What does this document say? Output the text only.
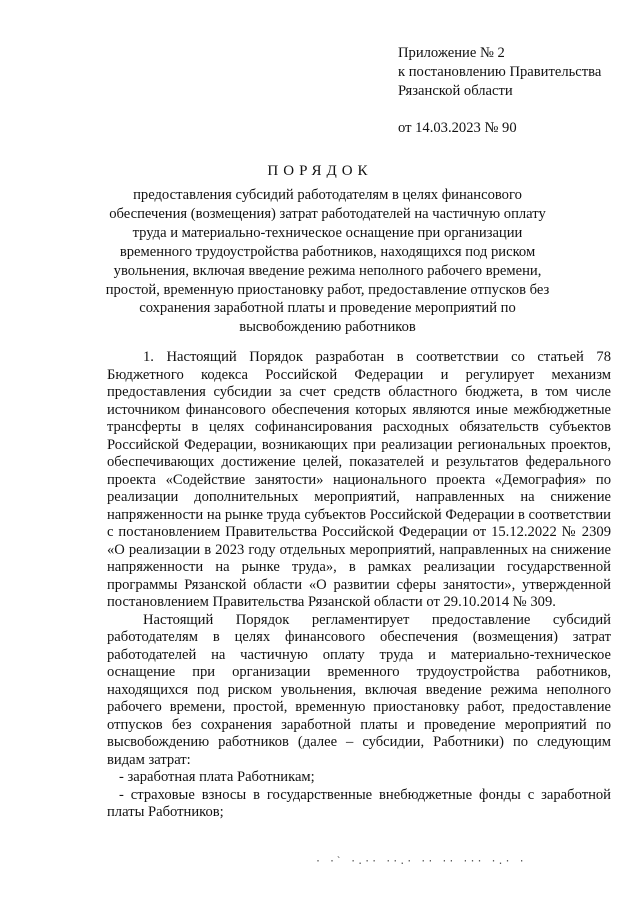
Приложение № 2
к постановлению Правительства
Рязанской области
от 14.03.2023 № 90
ПОРЯДОК
предоставления субсидий работодателям в целях финансового обеспечения (возмещения) затрат работодателей на частичную оплату труда и материально-техническое оснащение при организации временного трудоустройства работников, находящихся под риском увольнения, включая введение режима неполного рабочего времени, простой, временную приостановку работ, предоставление отпусков без сохранения заработной платы и проведение мероприятий по высвобождению работников

1. Настоящий Порядок разработан в соответствии со статьей 78 Бюджетного кодекса Российской Федерации и регулирует механизм предоставления субсидии за счет средств областного бюджета, в том числе источником финансового обеспечения которых являются иные межбюджетные трансферты в целях софинансирования расходных обязательств субъектов Российской Федерации, возникающих при реализации региональных проектов, обеспечивающих достижение целей, показателей и результатов федерального проекта «Содействие занятости» национального проекта «Демография» по реализации дополнительных мероприятий, направленных на снижение напряженности на рынке труда субъектов Российской Федерации в соответствии с постановлением Правительства Российской Федерации от 15.12.2022 № 2309 «О реализации в 2023 году отдельных мероприятий, направленных на снижение напряженности на рынке труда», в рамках реализации государственной программы Рязанской области «О развитии сферы занятости», утвержденной постановлением Правительства Рязанской области от 29.10.2014 № 309.

Настоящий Порядок регламентирует предоставление субсидий работодателям в целях финансового обеспечения (возмещения) затрат работодателей на частичную оплату труда и материально-техническое оснащение при организации временного трудоустройства работников, находящихся под риском увольнения, включая введение режима неполного рабочего времени, простой, временную приостановку работ, предоставление отпусков без сохранения заработной платы и проведение мероприятий по высвобождению работников (далее – субсидии, Работники) по следующим видам затрат:

- заработная плата Работникам;

- страховые взносы в государственные внебюджетные фонды с заработной платы Работников;

· ·` ·.·· ··.· ·· ·· ··· ·.· ·
